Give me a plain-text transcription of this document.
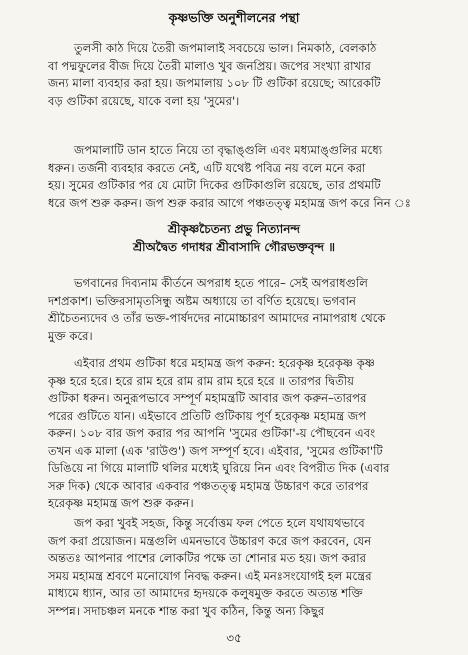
কৃষ্ণভক্তি অনুশীলনের পন্থা
তুলসী কাঠ দিয়ে তৈরী জপমালাই সবচেয়ে ভাল। নিমকাঠ, বেলকাঠ
বা পদ্মফুলের বীজ দিয়ে তৈরী মালাও খুব জনপ্রিয়। জপের সংখ্যা রাখার
জন্য মালা ব্যবহার করা হয়। জপমালায় ১০৮ টি গুটিকা রয়েছে; আরেকটি
বড় গুটিকা রয়েছে, যাকে বলা হয় 'সুমের'।
জপমালাটি ডান হাতে নিয়ে তা বৃদ্ধাঙ্গুলি এবং মধ্যমাঙ্গুলির মধ্যে
ধরুন। তর্জনী ব্যবহার করতে নেই, এটি যথেষ্ট পবিত্র নয় বলে মনে করা
হয়। সুমের গুটিকার পর যে মোটা দিকের গুটিকাগুলি রয়েছে, তার প্রথমটি
ধরে জপ শুরু করুন। জপ শুরু করার আগে পঞ্চতত্ত্ব মহামন্ত্র জপ করে নিন ঃ
শ্রীকৃষ্ণচৈতন্য প্রভু নিত্যানন্দ
শ্রীঅদ্বৈত গদাধর শ্রীবাসাদি গৌরভক্তবৃন্দ ॥
ভগবানের দিব্যনাম কীর্তনে অপরাধ হতে পারে– সেই অপরাধগুলি
দশপ্রকাশ। ভক্তিরসামৃতসিন্ধু অষ্টম অধ্যায়ে তা বর্ণিত হয়েছে। ভগবান
শ্রীচৈতন্যদেব ও তাঁর ভক্ত-পার্ষদদের নামোচ্চারণ আমাদের নামাপরাধ থেকে
মুক্ত করে।
এইবার প্রথম গুটিকা ধরে মহামন্ত্র জপ করুন: হরেকৃষ্ণ হরেকৃষ্ণ কৃষ্ণ
কৃষ্ণ হরে হরে। হরে রাম হরে রাম রাম রাম হরে হরে ॥ তারপর দ্বিতীয়
গুটিকা ধরুন। অনুরূপভাবে সম্পূর্ণ মহামন্ত্রটি আবার জপ করুন–তারপর
পরের গুটিতে যান। এইভাবে প্রতিটি গুটিকায় পূর্ণ হরেকৃষ্ণ মহামন্ত্র জপ
করুন। ১০৮ বার জপ করার পর আপনি 'সুমের গুটিকা'-য় পৌছবেন এবং
তখন এক মালা (এক 'রাউণ্ড') জপ সম্পূর্ণ হবে। এইবার, 'সুমের গুটিকা'টি
ডিঙিয়ে না গিয়ে মালাটি থলির মধ্যেই ঘুরিয়ে নিন এবং বিপরীত দিক (এবার
সরু দিক) থেকে আবার একবার পঞ্চতত্ত্ব মহামন্ত্র উচ্চারণ করে তারপর
হরেকৃষ্ণ মহামন্ত্র জপ শুরু করুন।
জপ করা খুবই সহজ, কিন্তু সর্বোত্তম ফল পেতে হলে যথাযথভাবে
জপ করা প্রয়োজন। মন্ত্রগুলি এমনভাবে উচ্চারণ করে জপ করবেন, যেন
অন্ততঃ আপনার পাশের লোকটির পক্ষে তা শোনার মত হয়। জপ করার
সময় মহামন্ত্র শ্রবণে মনোযোগ নিবদ্ধ করুন। এই মনঃসংযোগই হল মন্ত্রের
মাধ্যমে ধ্যান, আর তা আমাদের হৃদয়কে কলুষমুক্ত করতে অত্যন্ত শক্তি
সম্পন্ন। সদাচঞ্চল মনকে শান্ত করা খুব কঠিন, কিন্তু অন্য কিছুর
৩৫
